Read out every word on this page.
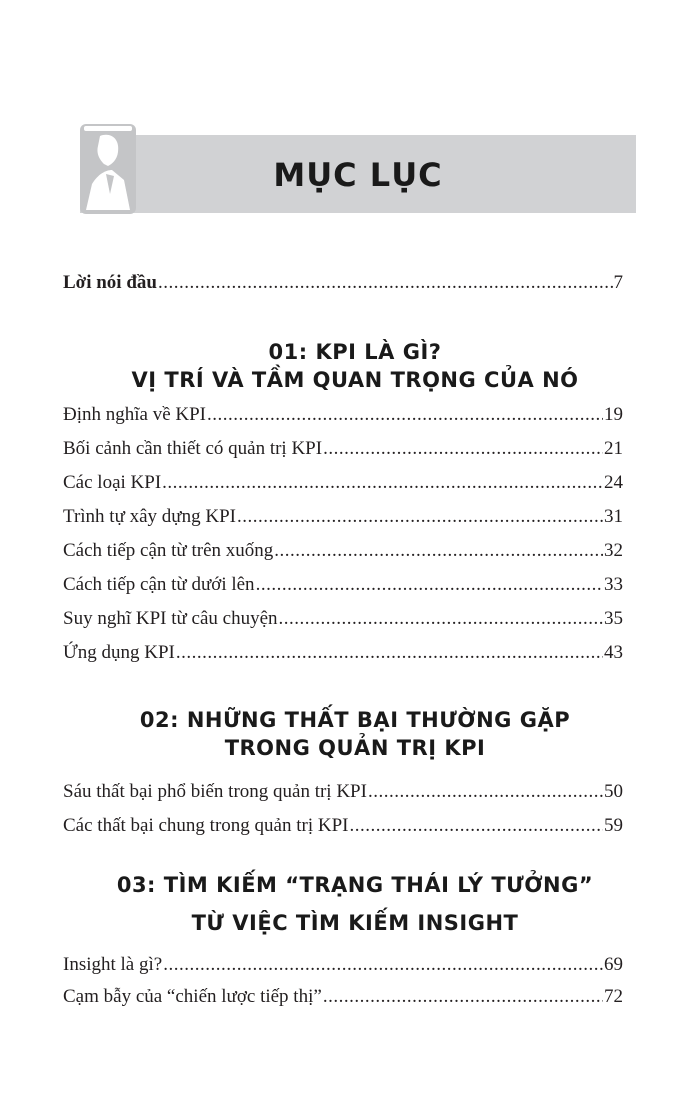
MỤC LỤC
Lời nói đầu .....	7
01: KPI LÀ GÌ?
VỊ TRÍ VÀ TẦM QUAN TRỌNG CỦA NÓ
02: NHỮNG THẤT BẠI THƯỜNG GẶP
TRONG QUẢN TRỊ KPI
03: TÌM KIẾM “TRẠNG THÁI LÝ TƯỞNG”
TỪ VIỆC TÌM KIẾM INSIGHT
Định nghĩa về KPI .....	19
Bối cảnh cần thiết có quản trị KPI .....	21
Các loại KPI .....	24
Trình tự xây dựng KPI .....	31
Cách tiếp cận từ trên xuống .....	32
Cách tiếp cận từ dưới lên .....	33
Suy nghĩ KPI từ câu chuyện .....	35
Ứng dụng KPI .....	43
Sáu thất bại phổ biến trong quản trị KPI .....	50
Các thất bại chung trong quản trị KPI .....	59
Insight là gì? .....	69
Cạm bẫy của “chiến lược tiếp thị” .....	72
